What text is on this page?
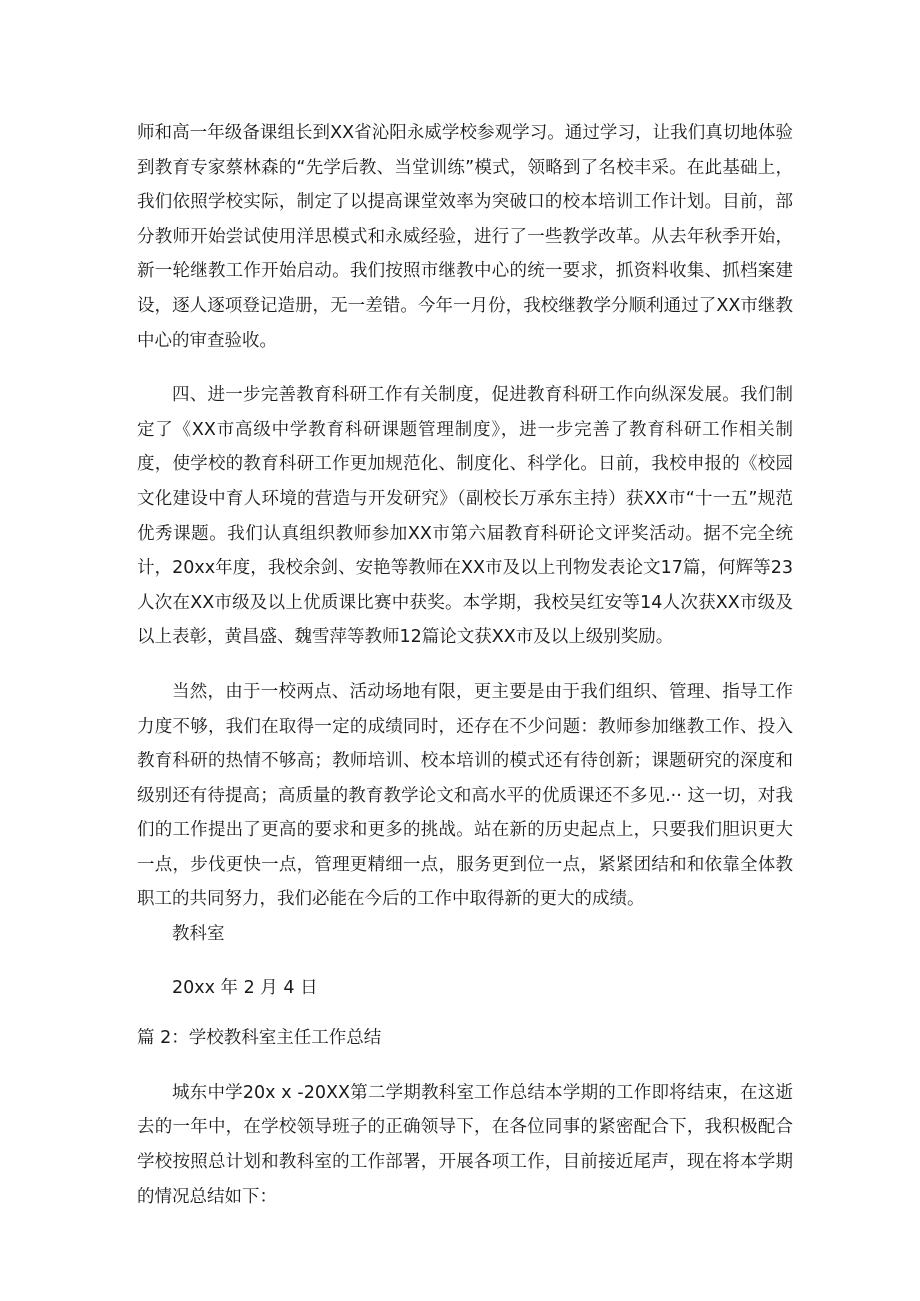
师和高一年级备课组长到XX省沁阳永威学校参观学习。通过学习，让我们真切地体验到教育专家蔡林森的“先学后教、当堂训练”模式，领略到了名校丰采。在此基础上，我们依照学校实际，制定了以提高课堂效率为突破口的校本培训工作计划。目前，部分教师开始尝试使用洋思模式和永威经验，进行了一些教学改革。从去年秋季开始，新一轮继教工作开始启动。我们按照市继教中心的统一要求，抓资料收集、抓档案建设，逐人逐项登记造册，无一差错。今年一月份，我校继教学分顺利通过了XX市继教中心的审查验收。

四、进一步完善教育科研工作有关制度，促进教育科研工作向纵深发展。我们制定了《XX市高级中学教育科研课题管理制度》，进一步完善了教育科研工作相关制度，使学校的教育科研工作更加规范化、制度化、科学化。日前，我校申报的《校园文化建设中育人环境的营造与开发研究》（副校长万承东主持）获XX市“十一五”规范优秀课题。我们认真组织教师参加XX市第六届教育科研论文评奖活动。据不完全统计，20xx年度，我校余剑、安艳等教师在XX市及以上刊物发表论文17篇，何辉等23人次在XX市级及以上优质课比赛中获奖。本学期，我校吴红安等14人次获XX市级及以上表彰，黄昌盛、魏雪萍等教师12篇论文获XX市及以上级别奖励。

当然，由于一校两点、活动场地有限，更主要是由于我们组织、管理、指导工作力度不够，我们在取得一定的成绩同时，还存在不少问题：教师参加继教工作、投入教育科研的热情不够高；教师培训、校本培训的模式还有待创新；课题研究的深度和级别还有待提高；高质量的教育教学论文和高水平的优质课还不多见.·· 这一切，对我们的工作提出了更高的要求和更多的挑战。站在新的历史起点上，只要我们胆识更大一点，步伐更快一点，管理更精细一点，服务更到位一点，紧紧团结和和依靠全体教职工的共同努力，我们必能在今后的工作中取得新的更大的成绩。

教科室

20xx 年 2 月 4 日

篇 2：学校教科室主任工作总结

城东中学20x x -20XX第二学期教科室工作总结本学期的工作即将结束，在这逝去的一年中，在学校领导班子的正确领导下，在各位同事的紧密配合下，我积极配合学校按照总计划和教科室的工作部署，开展各项工作，目前接近尾声，现在将本学期的情况总结如下：
